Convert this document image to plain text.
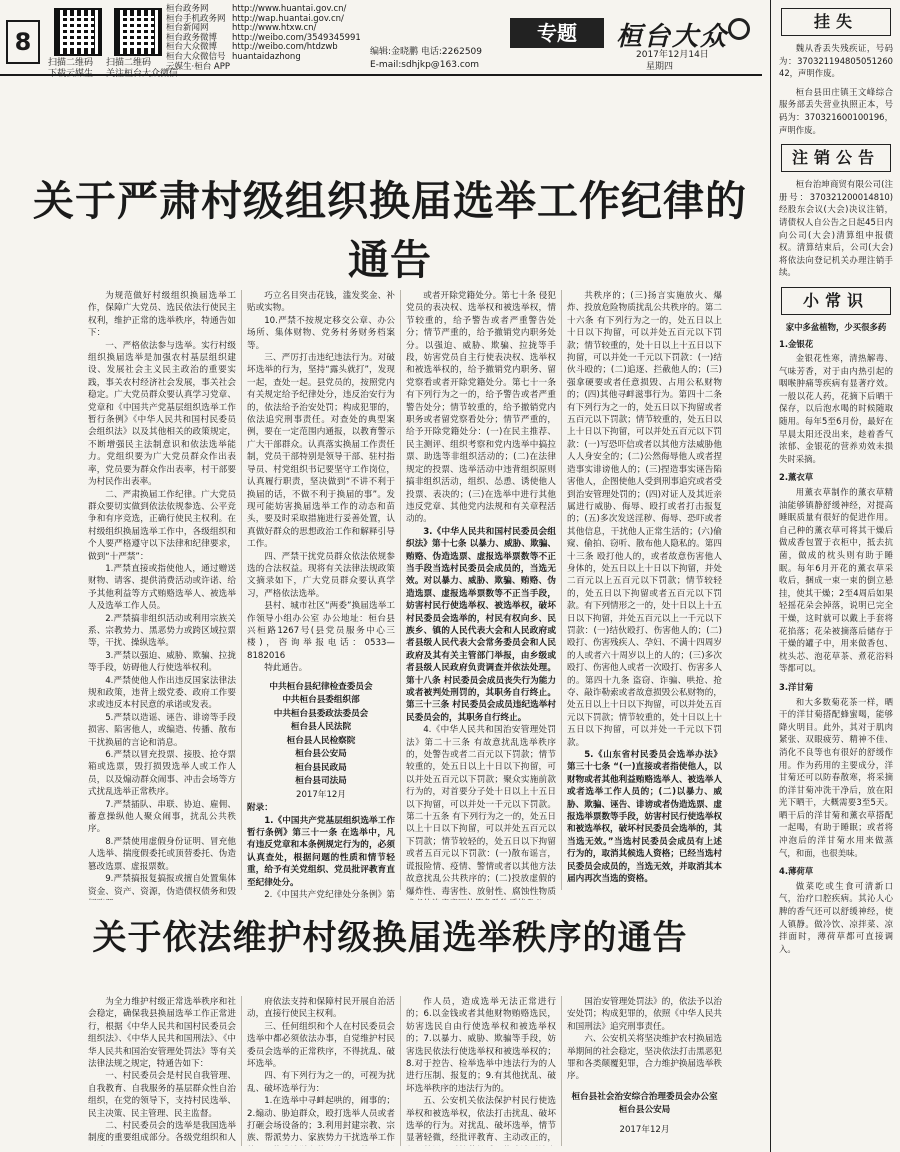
8
扫描二维码
下载云媒生
扫描二维码
关注桓台大众微信
桓台政务网	http://www.huantai.gov.cn/
桓台手机政务网 http://wap.huantai.gov.cn/
桓台新闻网	http://www.htxw.cn/
桓台政务微博	http://weibo.com/3549345991
桓台大众微博	http://weibo.com/htdzwb
桓台大众微信号 huantaidazhong
云媒生·桓台 APP
编辑:金晓鹏 电话:2262509
E-mail:sdhjkp@163.com
专题	桓台大众
2017年12月14日
星期四
关于严肃村级组织换届选举工作纪律的通告

为规范做好村级组织换届选举工作，保障广大党员、选民依法行使民主权利，维护正常的选举秩序，特通告如下：

一、严格依法参与选举。实行村级组织换届选举是加强农村基层组织建设、发展社会主义民主政治的重要实践，事关农村经济社会发展，事关社会稳定。广大党员群众要认真学习党章、党章和《中国共产党基层组织选举工作暂行条例》《中华人民共和国村民委员会组织法》以及其他相关的政策规定，不断增强民主法制意识和依法选举能力。党组织要为广大党员群众作出表率，党员要为群众作出表率，村干部要为村民作出表率。

二、严肃换届工作纪律。广大党员群众要切实做到依法依规参选、公平竞争和有序竞选，正确行使民主权利。在村级组织换届选举工作中，各级组织和个人要严格遵守以下法律和纪律要求，做到“十严禁”：

1.严禁直接或指使他人，通过赠送财物、请客、提供消费活动或许诺、给予其他利益等方式贿赂选举人、被选举人及选举工作人员。

2.严禁搞非组织活动或利用宗族关系、宗教势力、黑恶势力或跨区域拉票等，干扰、操纵选举。

3.严禁以强迫、威胁、欺骗、拉拢等手段，妨碍他人行使选举权利。

4.严禁使他人作出违反国家法律法规和政策，违背上级党委、政府工作要求或违反本村民意的承诺或发表。

5.严禁以造谣、诬告、诽谤等手段损害、陷害他人，或编造、传播、散布干扰换届的言论和消息。

6.严禁以冒充投票、接股、抢夺票箱或选票，毁打损毁选举人或工作人员，以及煽动群众闹事、冲击会场等方式扰乱选举正常秩序。

7.严禁插队、串联、协迫、雇佣、蓄意操纵他人聚众闹事，扰乱公共秩序。

8.严禁使用虚假身份证明、冒充他人选举、揣度假委托或顶替委托、伪造篡改选票、虚报票数。

9.严禁搞报复搞报或擅自处置集体资金、资产、资源，伪造债权债务和毁

巧立名目突击花钱，滥发奖金、补贴或实物。

10.严禁不按规定移交公章、办公场所、集体财物、党务村务财务档案等。

三、严厉打击违纪违法行为。对破坏选举的行为，坚持“露头就打”，发现一起，查处一起。县党员的，按照党内有关规定给予纪律处分，违反治安行为的，依法给予治安处罚；构成犯罪的，依法追究刑事责任。对查处的典型案例，要在一定范围内通报，以教育警示广大干部群众。认真落实换届工作责任制，党员干部特别是领导干部、驻村指导员、村党组织书记要坚守工作岗位，认真履行职责，坚决做到“不讲不利于换届的话，不做不利于换届的事”。发现可能妨害换届选举工作的动态和苗头，要及时采取措施进行妥善处置，认真做好群众的思想政治工作和解释引导工作。

四、严禁干扰党员群众依法依规参选的合法权益。现将有关法律法规政策文摘录如下，广大党员群众要认真学习，严格依法选举。

县村、城市社区“两委”换届选举工作领导小组办公室 办公地址：桓台县兴桓路1267号(县党员服务中心三楼)，咨询举报电话：0533—8182016

特此通告。

中共桓台县纪律检查委员会
中共桓台县委组织部
中共桓台县委政法委员会
桓台县人民法院
桓台县人民检察院
桓台县公安局
桓台县民政局
桓台县司法局
2017年12月

附录：

1.《中国共产党基层组织选举工作暂行条例》第三十一条 在选举中，凡有违反党章和本条例规定行为的，必须认真查处，根据问题的性质和情节轻重，给予有关党组织、党员批评教育直至纪律处分。

2.《中国共产党纪律处分条例》第

或者开除党籍处分。第七十条 侵犯党员的表决权、选举权和被选举权，情节较重的，给予警告或者严重警告处分；情节严重的，给予撤销党内职务处分。以强迫、威胁、欺骗、拉拢等手段，妨害党员自主行使表决权、选举权和被选举权的，给予撤销党内职务、留党察看或者开除党籍处分。第七十一条 有下列行为之一的，给予警告或者严重警告处分；情节较重的，给予撤销党内职务或者留党察看处分；情节严重的，给予开除党籍处分：(一)在民主推荐、民主测评、组织考察和党内选举中搞拉票、助选等非组织活动的；(二)在法律规定的投票、选举活动中违背组织原则搞非组织活动，组织、怂恿、诱使他人投票、表决的；(三)在选举中进行其他违反党章、其他党内法规和有关章程活动的。

3.《中华人民共和国村民委员会组织法》第十七条 以暴力、威胁、欺骗、贿赂、伪造选票、虚报选举票数等不正当手段当选村民委员会成员的，当选无效。对以暴力、威胁、欺骗、贿赂、伪造选票、虚报选举票数等不正当手段，妨害村民行使选举权、被选举权，破坏村民委员会选举的，村民有权向乡、民族乡、镇的人民代表大会和人民政府或者县级人民代表大会常务委员会和人民政府及其有关主管部门举报，由乡级或者县级人民政府负责调查并依法处理。第十八条 村民委员会成员丧失行为能力或者被判处刑罚的，其职务自行终止。第三十三条 村民委员会成员违纪选举村民委员会的，其职务自行终止。

4.《中华人民共和国治安管理处罚法》第二十三条 有故意扰乱选举秩序的，处警告或者二百元以下罚款；情节较重的，处五日以上十日以下拘留，可以并处五百元以下罚款；聚众实施前款行为的，对首要分子处十日以上十五日以下拘留，可以并处一千元以下罚款。第二十五条 有下列行为之一的，处五日以上十日以下拘留，可以并处五百元以下罚款；情节较轻的，处五日以下拘留或者五百元以下罚款：(一)散布谣言，谎报险情、疫情、警情或者以其他方法故意扰乱公共秩序的；(二)投放虚假的爆炸性、毒害性、放射性、腐蚀性物质

共秩序的；(三)扬言实施放火、爆炸、投放危险物质扰乱公共秩序的。第二十六条 有下列行为之一的，处五日以上十日以下拘留，可以并处五百元以下罚款；情节较重的，处十日以上十五日以下拘留，可以并处一千元以下罚款：(一)结伙斗殴的；(二)追逐、拦截他人的；(三)强拿硬要或者任意损毁、占用公私财物的；(四)其他寻衅滋事行为。第四十二条 有下列行为之一的，处五日以下拘留或者五百元以下罚款；情节较重的，处五日以上十日以下拘留，可以并处五百元以下罚款：(一)写恐吓信或者以其他方法威胁他人人身安全的；(二)公然侮辱他人或者捏造事实诽谤他人的；(三)捏造事实诬告陷害他人，企图使他人受到刑事追究或者受到治安管理处罚的；(四)对证人及其近亲属进行威胁、侮辱、殴打或者打击报复的；(五)多次发送淫秽、侮辱、恐吓或者其他信息，干扰他人正常生活的；(六)偷窥、偷拍、窃听、散布他人隐私的。第四十三条 殴打他人的，或者故意伤害他人身体的，处五日以上十日以下拘留，并处二百元以上五百元以下罚款；情节较轻的，处五日以下拘留或者五百元以下罚款。有下列情形之一的，处十日以上十五日以下拘留，并处五百元以上一千元以下罚款：(一)结伙殴打、伤害他人的；(二)殴打、伤害残疾人、孕妇、不满十四周岁的人或者六十周岁以上的人的；(三)多次殴打、伤害他人或者一次殴打、伤害多人的。第四十九条 盗窃、诈骗、哄抢、抢夺、敲诈勒索或者故意损毁公私财物的，处五日以上十日以下拘留，可以并处五百元以下罚款；情节较重的，处十日以上十五日以下拘留，可以并处一千元以下罚款。

5.《山东省村民委员会选举办法》第三十七条 “(一)直接或者指使他人，以财物或者其他利益贿赂选举人、被选举人或者选举工作人员的；(二)以暴力、威胁、欺骗、诬告、诽谤或者伪造选票、虚报选举票数等手段，妨害村民行使选举权和被选举权，破坏村民委员会选举的，其当选无效。”当选村民委员会成员有上述行为的，取消其候选人资格；已经当选村民委员会成员的，当选无效，并取消其本届内再次当选的资格。

关于依法维护村级换届选举秩序的通告

为全力维护村级正常选举秩序和社会稳定，确保我县换届选举工作正常进行，根据《中华人民共和国村民委员会组织法》、《中华人民共和国刑法》、《中华人民共和国治安管理处罚法》等有关法律法规之规定，特通告如下：

一、村民委员会是村民自我管理、自我教育、自我服务的基层群众性自治组织，在党的领导下，支持村民选举、民主决策、民主管理、民主监督。

二、村民委员会的选举是我国选举制度的重要组成部分。各级党组织和人

府依法支持和保障村民开展自治活动，直接行使民主权利。

三、任何组织和个人在村民委员会选举中都必须依法办事，自觉维护村民委员会选举的正常秩序，不得扰乱、破坏选举。

四、有下列行为之一的，可视为扰乱、破坏选举行为：

1.在选举中寻衅起哄的，闹事的；2.煽动、胁迫群众，殴打选举人员或者打砸会场设备的；3.利用封建宗教、宗族、帮派势力、家族势力干扰选举工作

作人员，造成选举无法正常进行的；6.以金钱或者其他财物贿赂选民，妨害选民自由行使选举权和被选举权的；7.以暴力、威胁、欺骗等手段，妨害选民依法行使选举权和被选举权的；8.对于控告、检举选举中违法行为的人进行压制、报复的；9.有其他扰乱、破坏选举秩序的违法行为的。

五、公安机关依法保护村民行使选举权和被选举权，依法打击扰乱、破坏选举的行为。对扰乱、破坏选举，情节显著轻微，经批评教育、主动改正的，

国治安管理处罚法》的，依法予以治安处罚；构成犯罪的，依照《中华人民共和国刑法》追究刑事责任。

六、公安机关将坚决维护农村换届选举期间的社会稳定，坚决依法打击黑恶犯罪和各类颠覆犯罪，合力维护换届选举秩序。

桓台县社会治安综合治理委员会办公室
桓台县公安局
2017年12月
挂失

魏从香丢失残疾证，号码为：370321194805051260 42，声明作废。

桓台县田庄镇王文峰综合服务部丢失营业执照正本，号码为：370321600100196，声明作废。

注销公告

桓台治坤商贸有限公司(注册号：370321200014810)经股东会议(大会)决议注销，请债权人自公告之日起45日内向公司(大会)清算组申报债权。清算结束后，公司(大会)将依法向登记机关办理注销手续。

小常识

家中多盆植物，少买很多药

1.金银花

金银花性寒，清热解毒、气味芳香，对于由内热引起的咽喉肿痛等疾病有显著疗效。一般以花人药，花摘下后晒干保存，以后泡水喝的时候随取随用。每年5至6月份，最好在早晨太阳还没出来，趁着香气浓郁、金银花的营养劝效未损失时采摘。

2.薰衣草

用薰衣草制作的薰衣草精油能够镇静舒缓神经，对提高睡眠质量有很好的促进作用。自己种的薰衣草可将其干燥后做成香包置于衣柜中，抵去抗菌，做成的枕头则有助于睡眠。每年6月开花的薰衣草采收后，捆成一束一束的倒立悬挂，使其干燥；2至4周后如果轻摇花朵会掉落，说明已完全干燥，这时就可以戴上手套将花掐落；花朵被摘落后储存于干燥的罐子中，用来做香包、枕头芯、泡花草茶、煮花浴料等都可以。

3.洋甘菊

和大多数菊花茶一样，晒干的洋甘菊搭配蜂蜜喝，能够降火明目。此外，其对于肌肉紧张、双眼疲劳、精神不佳、消化不良等也有很好的舒缓作用。作为药用的主要成分，洋甘菊还可以防春散寒，将采摘的洋甘菊冲洗干净后，放在阳光下晒干，大概需要3至5天。晒干后的洋甘菊和薰衣草搭配一起喝，有助于睡眠；或者将冲泡后的洋甘菊水用来做蒸气，和面，也很美味。

4.薄荷草

做菜吃或生食可清新口气，治疗口腔疾病。其沁人心脾的香气还可以舒缓神经，使人镇静。做冷饮、凉拌菜、凉拌面时，薄荷草都可直接调入。
